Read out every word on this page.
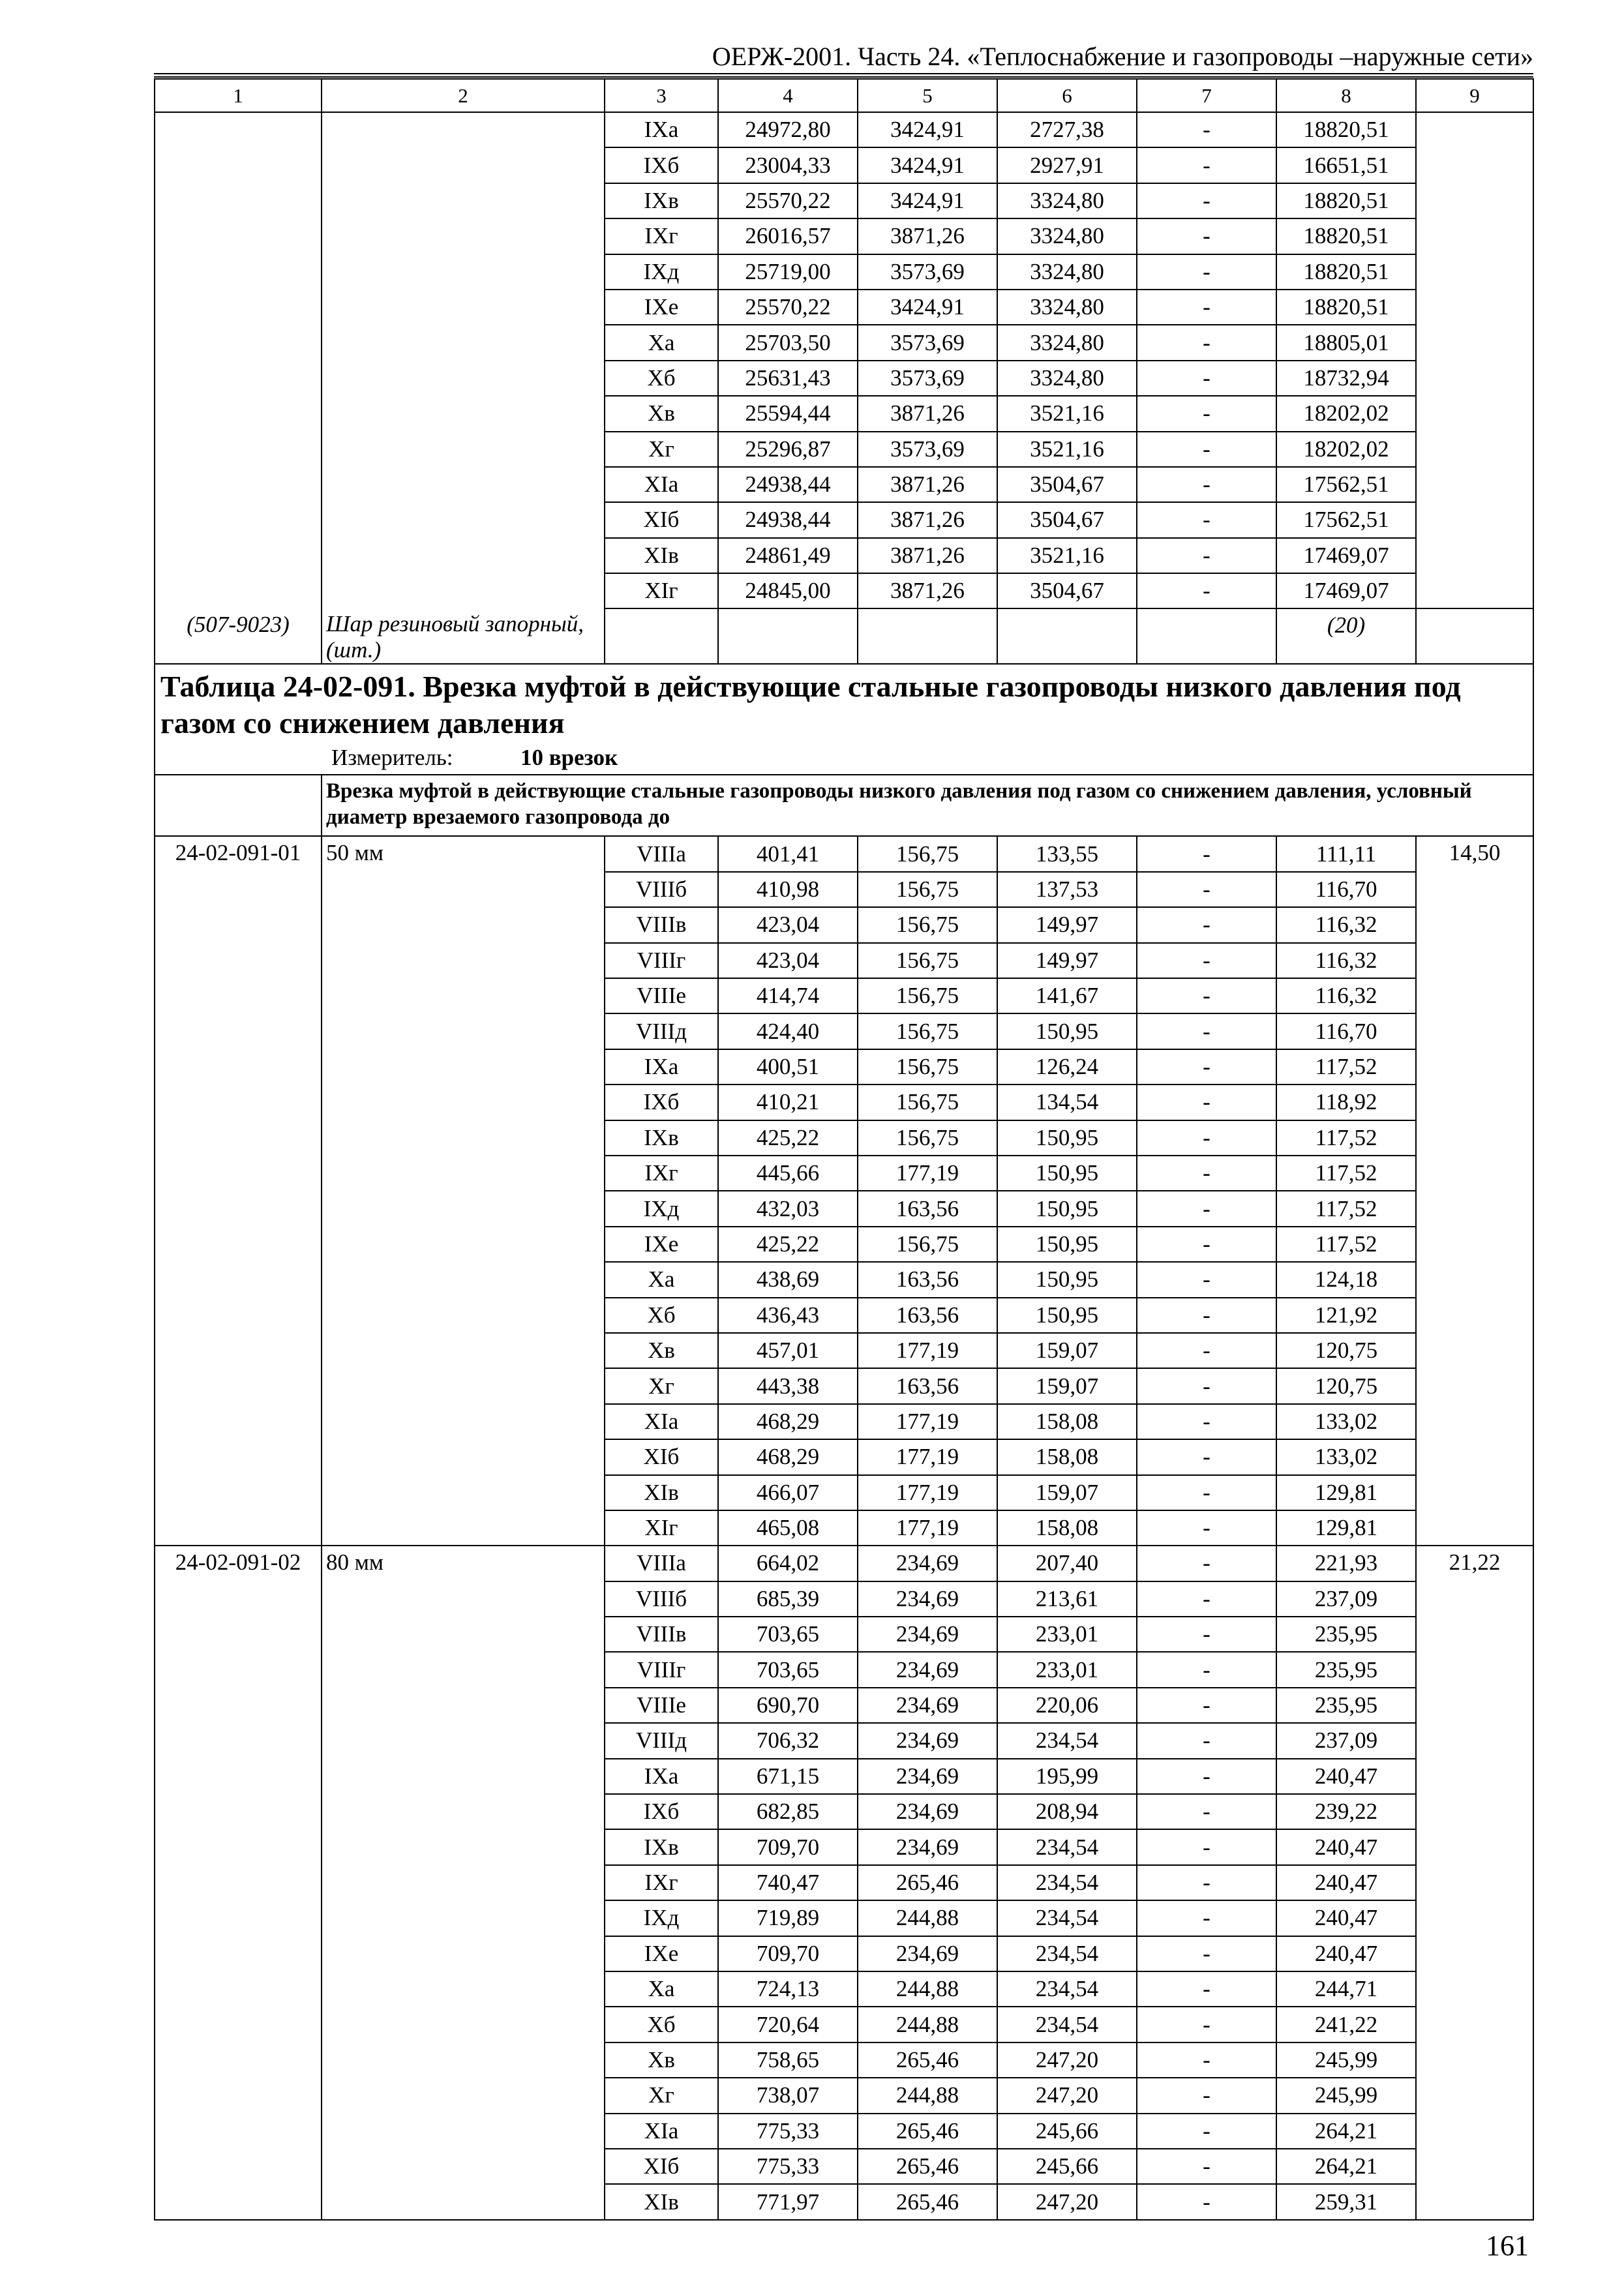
ОЕРЖ-2001. Часть 24. «Теплоснабжение и газопроводы –наружные сети»
1	2	3	4	5	6	7	8	9
		IXа	24972,80	3424,91	2727,38	-	18820,51	
		IXб	23004,33	3424,91	2927,91	-	16651,51	
		IXв	25570,22	3424,91	3324,80	-	18820,51	
		IXг	26016,57	3871,26	3324,80	-	18820,51	
		IXд	25719,00	3573,69	3324,80	-	18820,51	
		IXе	25570,22	3424,91	3324,80	-	18820,51	
		Xа	25703,50	3573,69	3324,80	-	18805,01	
		Xб	25631,43	3573,69	3324,80	-	18732,94	
		Xв	25594,44	3871,26	3521,16	-	18202,02	
		Xг	25296,87	3573,69	3521,16	-	18202,02	
		XIа	24938,44	3871,26	3504,67	-	17562,51	
		XIб	24938,44	3871,26	3504,67	-	17562,51	
		XIв	24861,49	3871,26	3521,16	-	17469,07	
		XIг	24845,00	3871,26	3504,67	-	17469,07	
(507-9023)	Шар резиновый запорный, (шт.)						(20)	
Таблица 24-02-091. Врезка муфтой в действующие стальные газопроводы низкого давления под газом со снижением давления								
Измеритель: 10 врезок								
	Врезка муфтой в действующие стальные газопроводы низкого давления под газом со снижением давления, условный диаметр врезаемого газопровода до							
24-02-091-01	50 мм	VIIIа	401,41	156,75	133,55	-	111,11	14,50
		VIIIб	410,98	156,75	137,53	-	116,70	
		VIIIв	423,04	156,75	149,97	-	116,32	
		VIIIг	423,04	156,75	149,97	-	116,32	
		VIIIе	414,74	156,75	141,67	-	116,32	
		VIIIд	424,40	156,75	150,95	-	116,70	
		IXа	400,51	156,75	126,24	-	117,52	
		IXб	410,21	156,75	134,54	-	118,92	
		IXв	425,22	156,75	150,95	-	117,52	
		IXг	445,66	177,19	150,95	-	117,52	
		IXд	432,03	163,56	150,95	-	117,52	
		IXе	425,22	156,75	150,95	-	117,52	
		Xа	438,69	163,56	150,95	-	124,18	
		Xб	436,43	163,56	150,95	-	121,92	
		Xв	457,01	177,19	159,07	-	120,75	
		Xг	443,38	163,56	159,07	-	120,75	
		XIа	468,29	177,19	158,08	-	133,02	
		XIб	468,29	177,19	158,08	-	133,02	
		XIв	466,07	177,19	159,07	-	129,81	
		XIг	465,08	177,19	158,08	-	129,81	
24-02-091-02	80 мм	VIIIа	664,02	234,69	207,40	-	221,93	21,22
		VIIIб	685,39	234,69	213,61	-	237,09	
		VIIIв	703,65	234,69	233,01	-	235,95	
		VIIIг	703,65	234,69	233,01	-	235,95	
		VIIIе	690,70	234,69	220,06	-	235,95	
		VIIIд	706,32	234,69	234,54	-	237,09	
		IXа	671,15	234,69	195,99	-	240,47	
		IXб	682,85	234,69	208,94	-	239,22	
		IXв	709,70	234,69	234,54	-	240,47	
		IXг	740,47	265,46	234,54	-	240,47	
		IXд	719,89	244,88	234,54	-	240,47	
		IXе	709,70	234,69	234,54	-	240,47	
		Xа	724,13	244,88	234,54	-	244,71	
		Xб	720,64	244,88	234,54	-	241,22	
		Xв	758,65	265,46	247,20	-	245,99	
		Xг	738,07	244,88	247,20	-	245,99	
		XIа	775,33	265,46	245,66	-	264,21	
		XIб	775,33	265,46	245,66	-	264,21	
		XIв	771,97	265,46	247,20	-	259,31	
161
